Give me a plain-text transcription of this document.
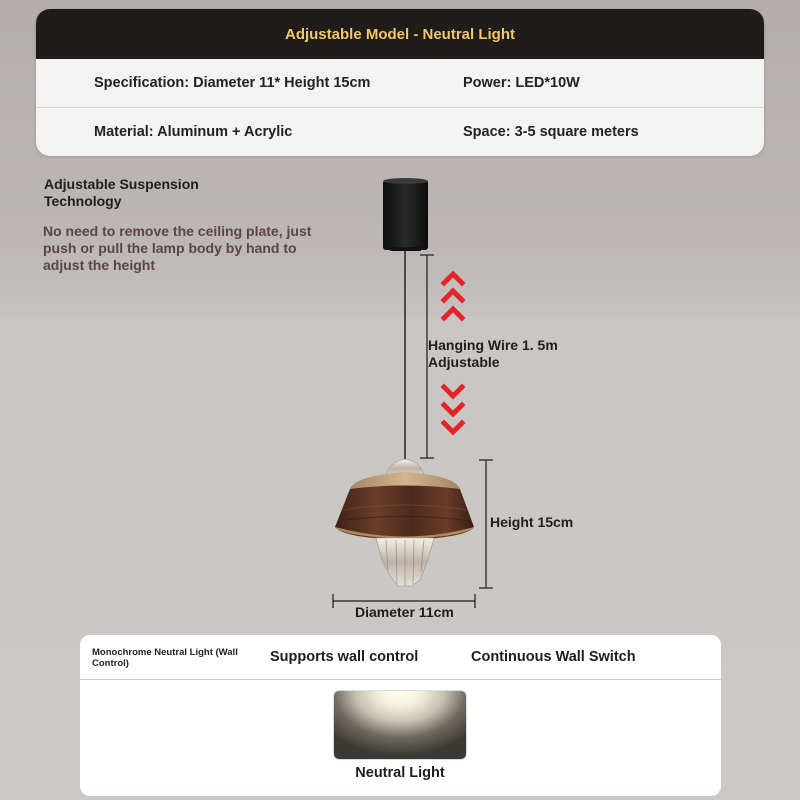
Adjustable Model - Neutral Light
Specification: Diameter 11* Height 15cm	Power: LED*10W
Material: Aluminum + Acrylic	Space: 3-5 square meters
Adjustable Suspension Technology
No need to remove the ceiling plate, just push or pull the lamp body by hand to adjust the height
Hanging Wire 1. 5m Adjustable
Height 15cm
Diameter 11cm
Monochrome Neutral Light (Wall Control)	Supports wall control	Continuous Wall Switch
Neutral Light
